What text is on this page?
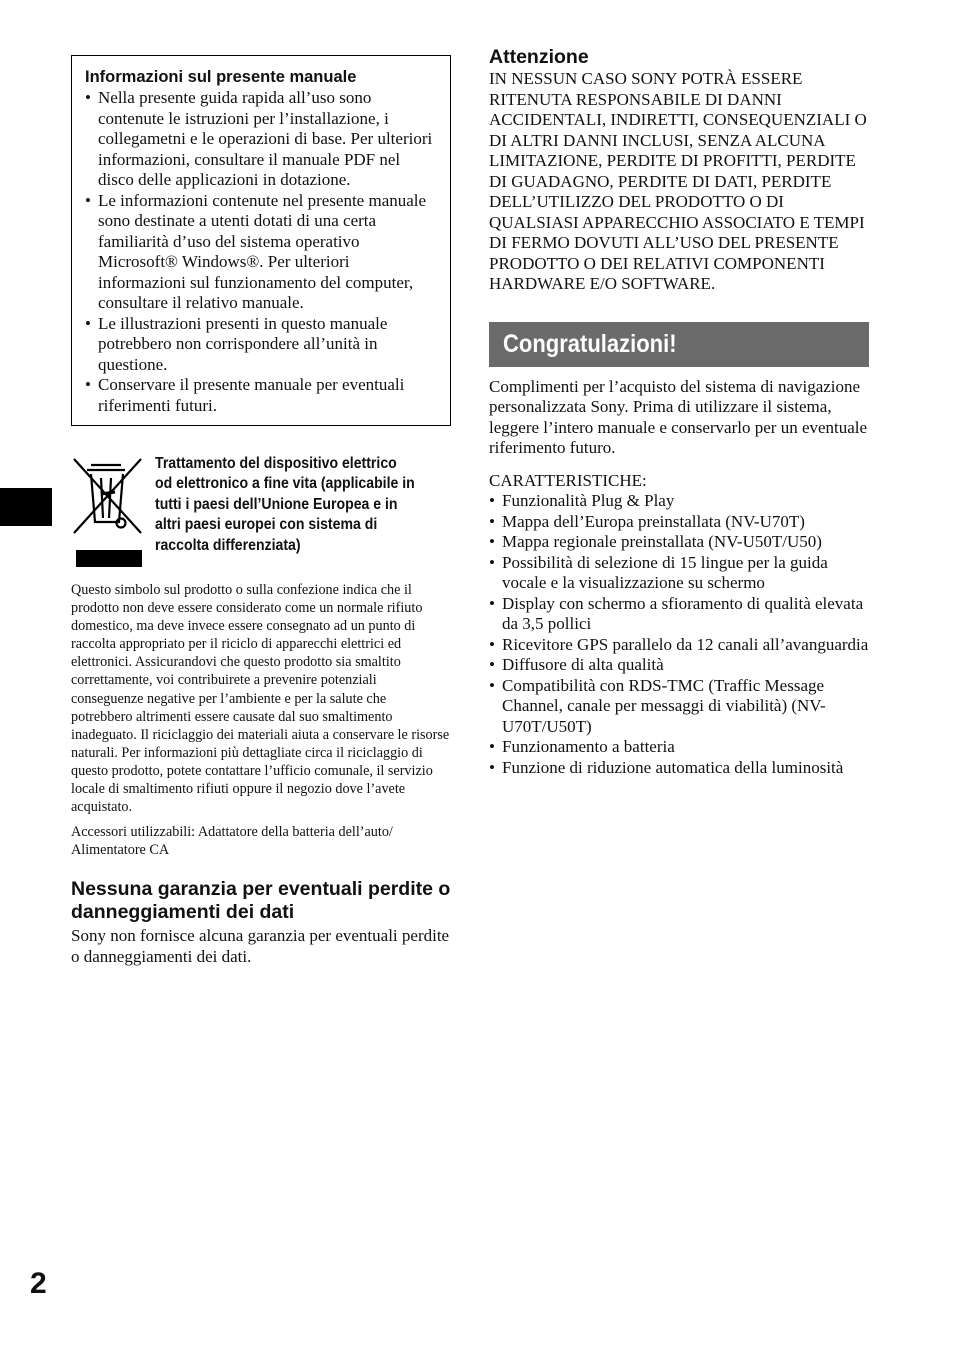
Informazioni sul presente manuale

• Nella presente guida rapida all’uso sono contenute le istruzioni per l’installazione, i collegametni e le operazioni di base. Per ulteriori informazioni, consultare il manuale PDF nel disco delle applicazioni in dotazione.
• Le informazioni contenute nel presente manuale sono destinate a utenti dotati di una certa familiarità d’uso del sistema operativo Microsoft® Windows®. Per ulteriori informazioni sul funzionamento del computer, consultare il relativo manuale.
• Le illustrazioni presenti in questo manuale potrebbero non corrispondere all’unità in questione.
• Conservare il presente manuale per eventuali riferimenti futuri.

Trattamento del dispositivo elettrico od elettronico a fine vita (applicabile in tutti i paesi dell’Unione Europea e in altri paesi europei con sistema di raccolta differenziata)

Questo simbolo sul prodotto o sulla confezione indica che il prodotto non deve essere considerato come un normale rifiuto domestico, ma deve invece essere consegnato ad un punto di raccolta appropriato per il riciclo di apparecchi elettrici ed elettronici. Assicurandovi che questo prodotto sia smaltito correttamente, voi contribuirete a prevenire potenziali conseguenze negative per l’ambiente e per la salute che potrebbero altrimenti essere causate dal suo smaltimento inadeguato. Il riciclaggio dei materiali aiuta a conservare le risorse naturali. Per informazioni più dettagliate circa il riciclaggio di questo prodotto, potete contattare l’ufficio comunale, il servizio locale di smaltimento rifiuti oppure il negozio dove l’avete acquistato.

Accessori utilizzabili: Adattatore della batteria dell’auto/ Alimentatore CA

Nessuna garanzia per eventuali perdite o danneggiamenti dei dati

Sony non fornisce alcuna garanzia per eventuali perdite o danneggiamenti dei dati.

Attenzione

IN NESSUN CASO SONY POTRÀ ESSERE RITENUTA RESPONSABILE DI DANNI ACCIDENTALI, INDIRETTI, CONSEQUENZIALI O DI ALTRI DANNI INCLUSI, SENZA ALCUNA LIMITAZIONE, PERDITE DI PROFITTI, PERDITE DI GUADAGNO, PERDITE DI DATI, PERDITE DELL’UTILIZZO DEL PRODOTTO O DI QUALSIASI APPARECCHIO ASSOCIATO E TEMPI DI FERMO DOVUTI ALL’USO DEL PRESENTE PRODOTTO O DEI RELATIVI COMPONENTI HARDWARE E/O SOFTWARE.

Congratulazioni!

Complimenti per l’acquisto del sistema di navigazione personalizzata Sony. Prima di utilizzare il sistema, leggere l’intero manuale e conservarlo per un eventuale riferimento futuro.

CARATTERISTICHE:

• Funzionalità Plug & Play
• Mappa dell’Europa preinstallata (NV-U70T)
• Mappa regionale preinstallata (NV-U50T/U50)
• Possibilità di selezione di 15 lingue per la guida vocale e la visualizzazione su schermo
• Display con schermo a sfioramento di qualità elevata da 3,5 pollici
• Ricevitore GPS parallelo da 12 canali all’avanguardia
• Diffusore di alta qualità
• Compatibilità con RDS-TMC (Traffic Message Channel, canale per messaggi di viabilità) (NV-U70T/U50T)
• Funzionamento a batteria
• Funzione di riduzione automatica della luminosità
2
